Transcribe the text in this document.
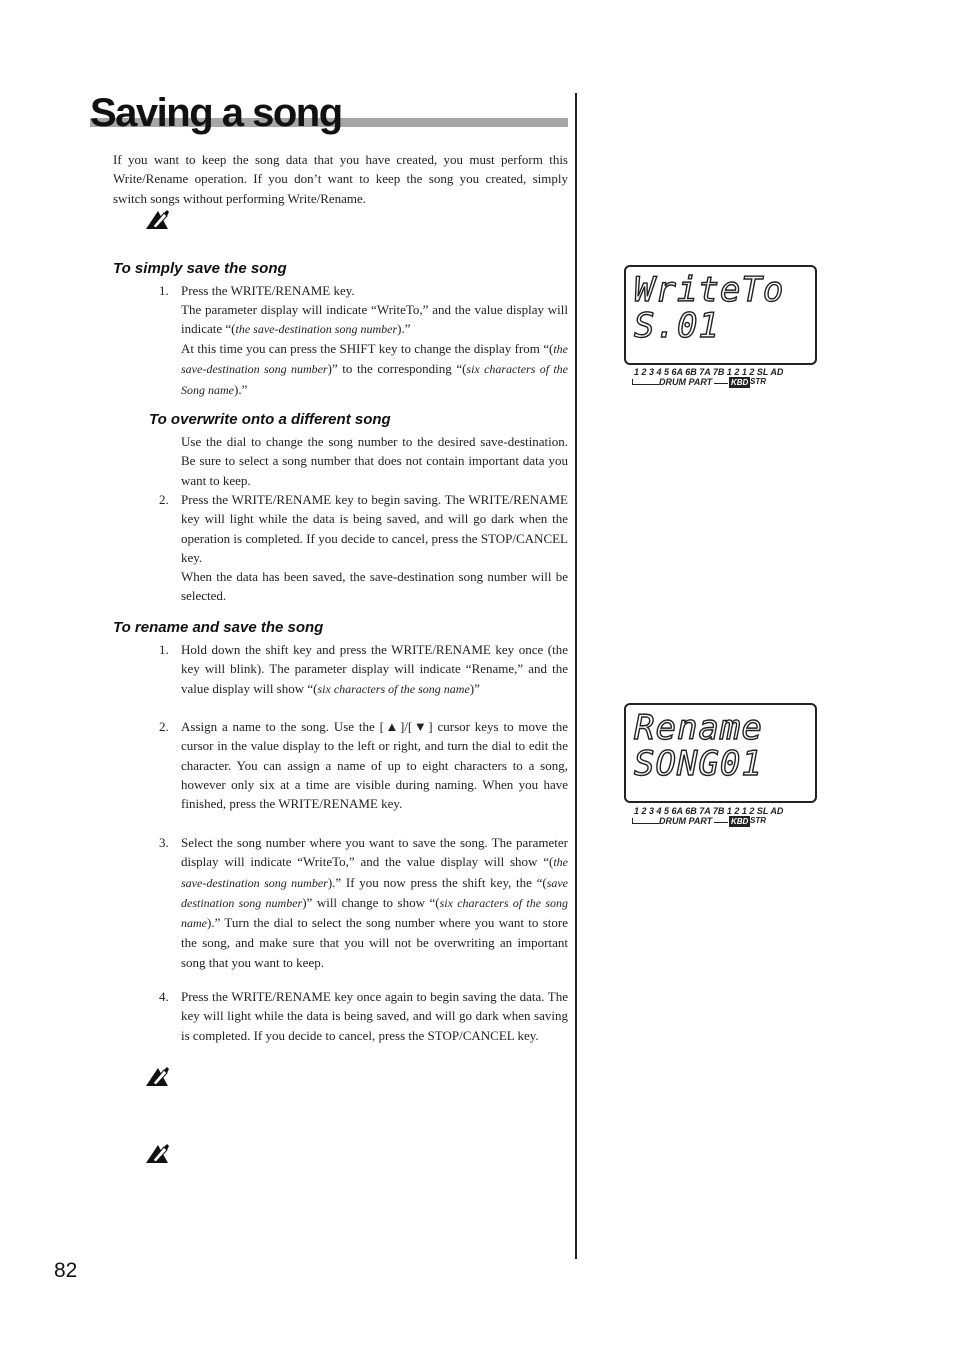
Saving a song

If you want to keep the song data that you have created, you must perform this Write/Rename operation. If you don’t want to keep the song you created, simply switch songs without performing Write/Rename.

To simply save the song
1. Press the WRITE/RENAME key.

The parameter display will indicate “WriteTo,” and the value display will indicate “(the save-destination song number).”

At this time you can press the SHIFT key to change the display from “(the save-destination song number)” to the corresponding “(six characters of the Song name).”

To overwrite onto a different song

Use the dial to change the song number to the desired save-destination. Be sure to select a song number that does not contain important data you want to keep.

2. Press the WRITE/RENAME key to begin saving. The WRITE/RENAME key will light while the data is being saved, and will go dark when the operation is completed. If you decide to cancel, press the STOP/CANCEL key.

When the data has been saved, the save-destination song number will be selected.

To rename and save the song
1. Hold down the shift key and press the WRITE/RENAME key once (the key will blink). The parameter display will indicate “Rename,” and the value display will show “(six characters of the song name)”

2. Assign a name to the song. Use the [▲]/[▼] cursor keys to move the cursor in the value display to the left or right, and turn the dial to edit the character. You can assign a name of up to eight characters to a song, however only six at a time are visible during naming. When you have finished, press the WRITE/RENAME key.

3. Select the song number where you want to save the song. The parameter display will indicate “WriteTo,” and the value display will show “(the save-destination song number).” If you now press the shift key, the “(save destination song number)” will change to show “(six characters of the song name).” Turn the dial to select the song number where you want to store the song, and make sure that you will not be overwriting an important song that you want to keep.

4. Press the WRITE/RENAME key once again to begin saving the data. The key will light while the data is being saved, and will go dark when saving is completed. If you decide to cancel, press the STOP/CANCEL key.

WriteTo
S.01
1 2 3 4 5 6A 6B 7A 7B 1 2 1 2 SL AD
DRUM PART KBD STR
Rename
SONG01
1 2 3 4 5 6A 6B 7A 7B 1 2 1 2 SL AD
DRUM PART KBD STR

82
